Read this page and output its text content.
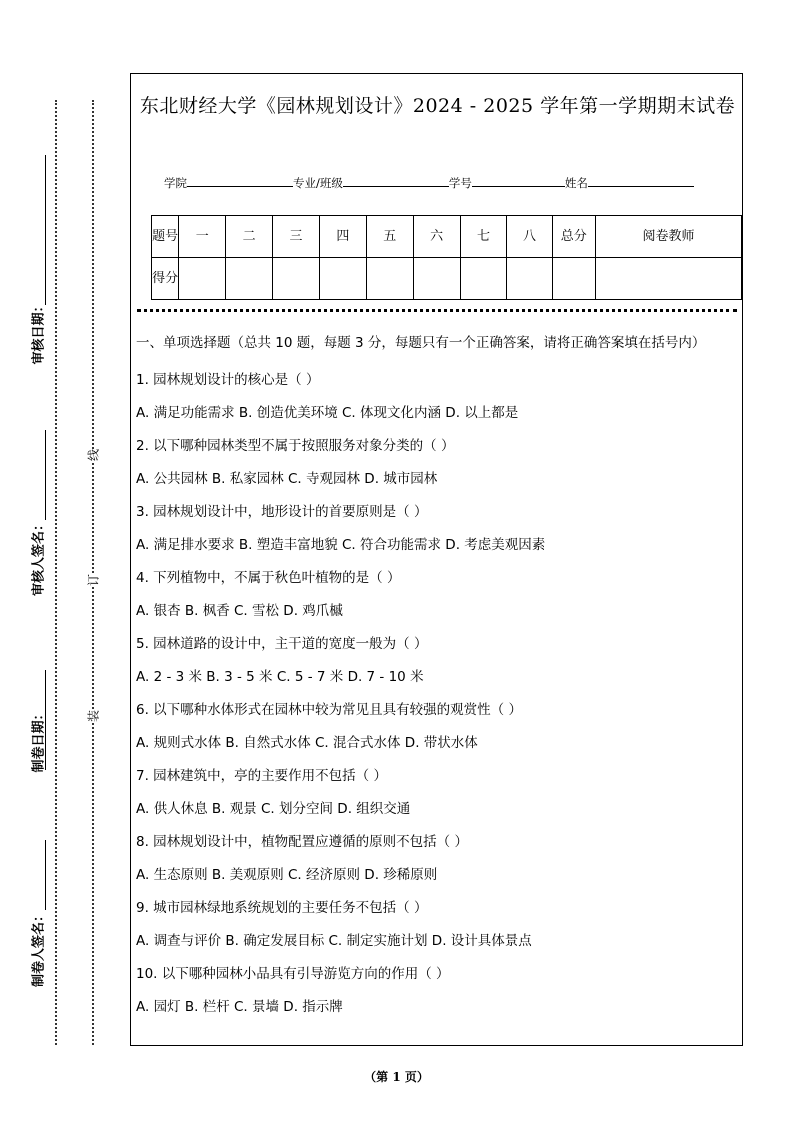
审核日期：
审核人签名：
制卷日期：
制卷人签名：
线
订
装
东北财经大学《园林规划设计》2024 - 2025 学年第一学期期末试卷
学院	专业/班级	学号	姓名
题号	一	二	三	四	五	六	七	八	总分	阅卷教师
得分										
一、单项选择题（总共 10 题，每题 3 分，每题只有一个正确答案，请将正确答案填在括号内）
1. 园林规划设计的核心是（ ）
A. 满足功能需求 B. 创造优美环境 C. 体现文化内涵 D. 以上都是
2. 以下哪种园林类型不属于按照服务对象分类的（ ）
A. 公共园林 B. 私家园林 C. 寺观园林 D. 城市园林
3. 园林规划设计中，地形设计的首要原则是（ ）
A. 满足排水要求 B. 塑造丰富地貌 C. 符合功能需求 D. 考虑美观因素
4. 下列植物中，不属于秋色叶植物的是（ ）
A. 银杏 B. 枫香 C. 雪松 D. 鸡爪槭
5. 园林道路的设计中，主干道的宽度一般为（ ）
A. 2 - 3 米 B. 3 - 5 米 C. 5 - 7 米 D. 7 - 10 米
6. 以下哪种水体形式在园林中较为常见且具有较强的观赏性（ ）
A. 规则式水体 B. 自然式水体 C. 混合式水体 D. 带状水体
7. 园林建筑中，亭的主要作用不包括（ ）
A. 供人休息 B. 观景 C. 划分空间 D. 组织交通
8. 园林规划设计中，植物配置应遵循的原则不包括（ ）
A. 生态原则 B. 美观原则 C. 经济原则 D. 珍稀原则
9. 城市园林绿地系统规划的主要任务不包括（ ）
A. 调查与评价 B. 确定发展目标 C. 制定实施计划 D. 设计具体景点
10. 以下哪种园林小品具有引导游览方向的作用（ ）
A. 园灯 B. 栏杆 C. 景墙 D. 指示牌
（第 1 页）
